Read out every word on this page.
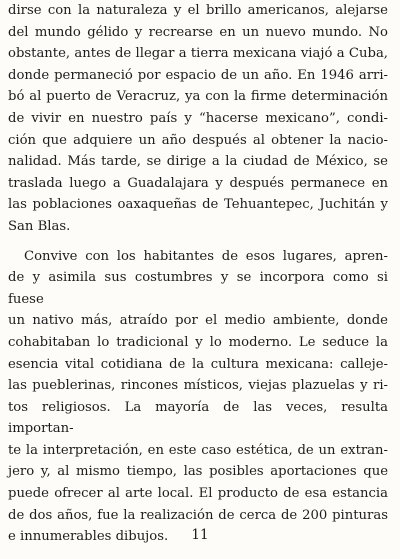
dirse con la naturaleza y el brillo americanos, alejarse
del mundo gélido y recrearse en un nuevo mundo. No
obstante, antes de llegar a tierra mexicana viajó a Cuba,
donde permaneció por espacio de un año. En 1946 arri-
bó al puerto de Veracruz, ya con la firme determinación
de vivir en nuestro país y “hacerse mexicano”, condi-
ción que adquiere un año después al obtener la nacio-
nalidad. Más tarde, se dirige a la ciudad de México, se
traslada luego a Guadalajara y después permanece en
las poblaciones oaxaqueñas de Tehuantepec, Juchitán y
San Blas.
Convive con los habitantes de esos lugares, apren-
de y asimila sus costumbres y se incorpora como si fuese
un nativo más, atraído por el medio ambiente, donde
cohabitaban lo tradicional y lo moderno. Le seduce la
esencia vital cotidiana de la cultura mexicana: calleje-
las pueblerinas, rincones místicos, viejas plazuelas y ri-
tos religiosos. La mayoría de las veces, resulta importan-
te la interpretación, en este caso estética, de un extran-
jero y, al mismo tiempo, las posibles aportaciones que
puede ofrecer al arte local. El producto de esa estancia
de dos años, fue la realización de cerca de 200 pinturas
e innumerables dibujos.	11
